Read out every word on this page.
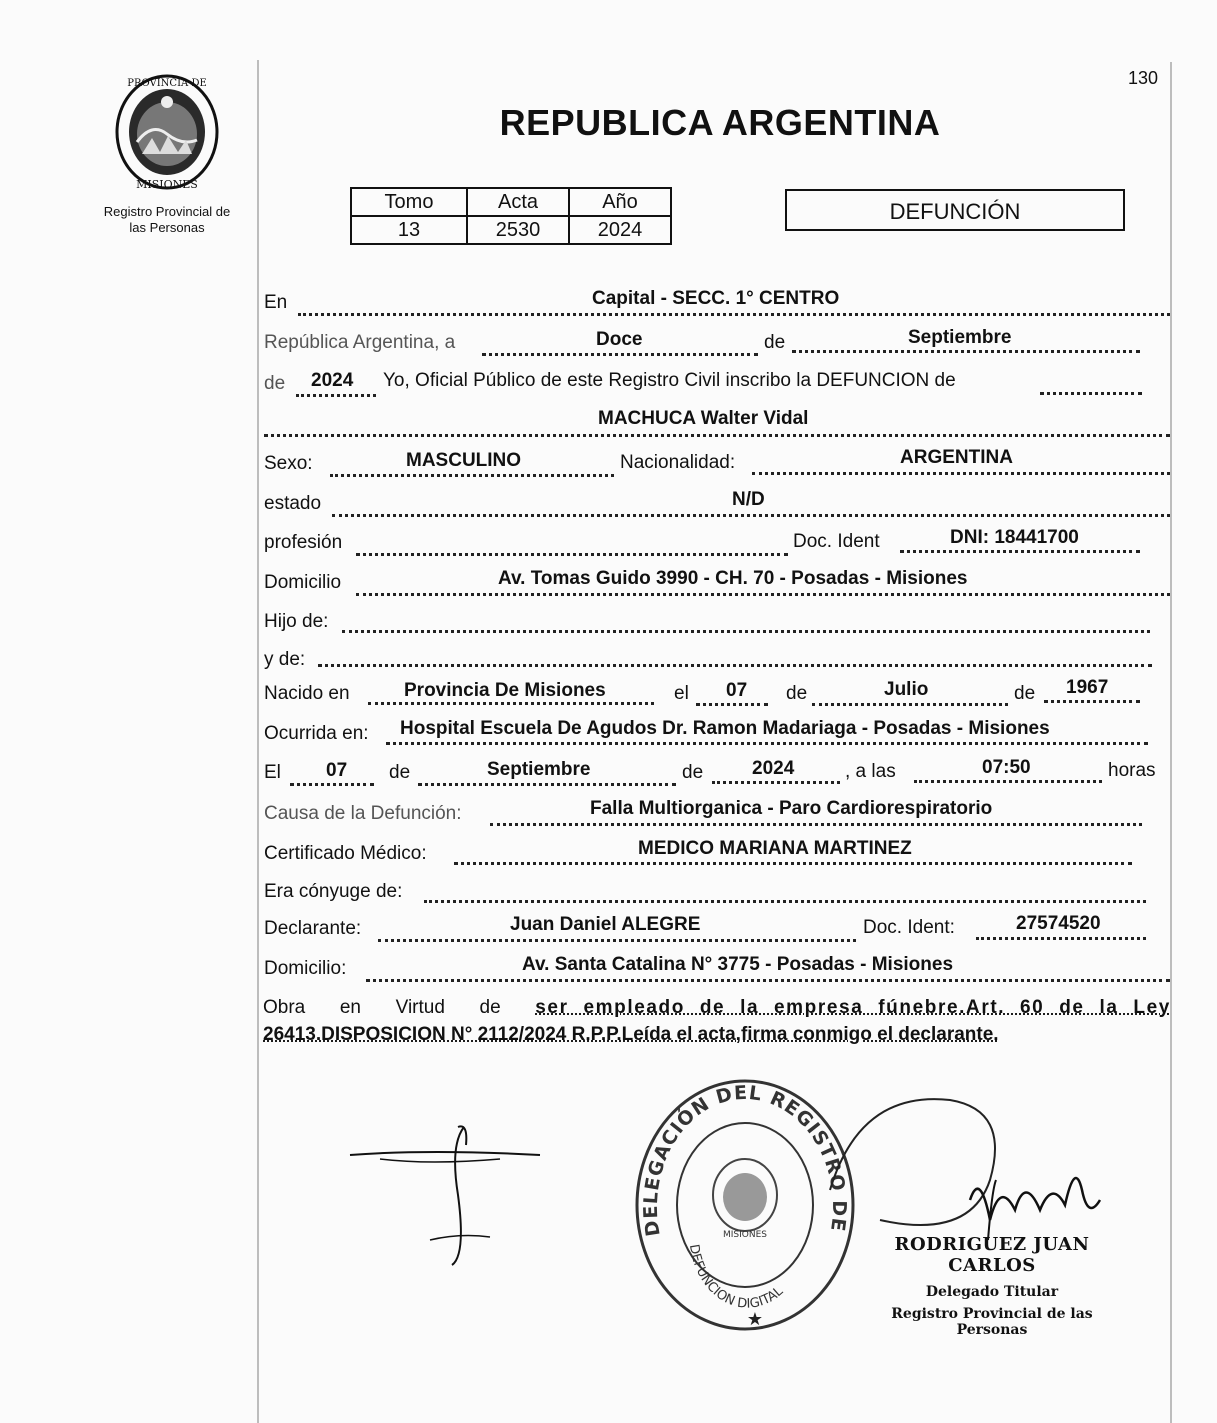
PROVINCIA DE
MISIONES
Registro Provincial de
las Personas
130
REPUBLICA ARGENTINA
Tomo	Acta	Año
13	2530	2024
DEFUNCIÓN
En	Capital - SECC. 1° CENTRO
República Argentina, a	Doce	de	Septiembre
de 2024 Yo, Oficial Público de este Registro Civil inscribo la DEFUNCION de
MACHUCA Walter Vidal
Sexo:	MASCULINO	Nacionalidad:	ARGENTINA
estado	N/D
profesión	Doc. Ident	DNI: 18441700
Domicilio	Av. Tomas Guido 3990 - CH. 70 - Posadas - Misiones
Hijo de:
y de:
Nacido en	Provincia De Misiones	el 07 de	Julio	de 1967
Ocurrida en: Hospital Escuela De Agudos Dr. Ramon Madariaga - Posadas - Misiones
El 07 de	Septiembre	de	2024	, a las	07:50	horas
Causa de la Defunción:	Falla Multiorganica - Paro Cardiorespiratorio
Certificado Médico:	MEDICO MARIANA MARTINEZ
Era cónyuge de:
Declarante:	Juan Daniel ALEGRE	Doc. Ident:	27574520
Domicilio:	Av. Santa Catalina N° 3775 - Posadas - Misiones
Obra en Virtud de ser empleado de la empresa fúnebre.Art. 60 de la Ley
26413.DISPOSICION N° 2112/2024 R.P.P.Leída el acta,firma conmigo el declarante.
DELEGACIÓN DEL REGISTRO DE
DEFUNCION DIGITAL
MISIONES
★
RODRIGUEZ JUAN CARLOS
Delegado Titular
Registro Provincial de las Personas
